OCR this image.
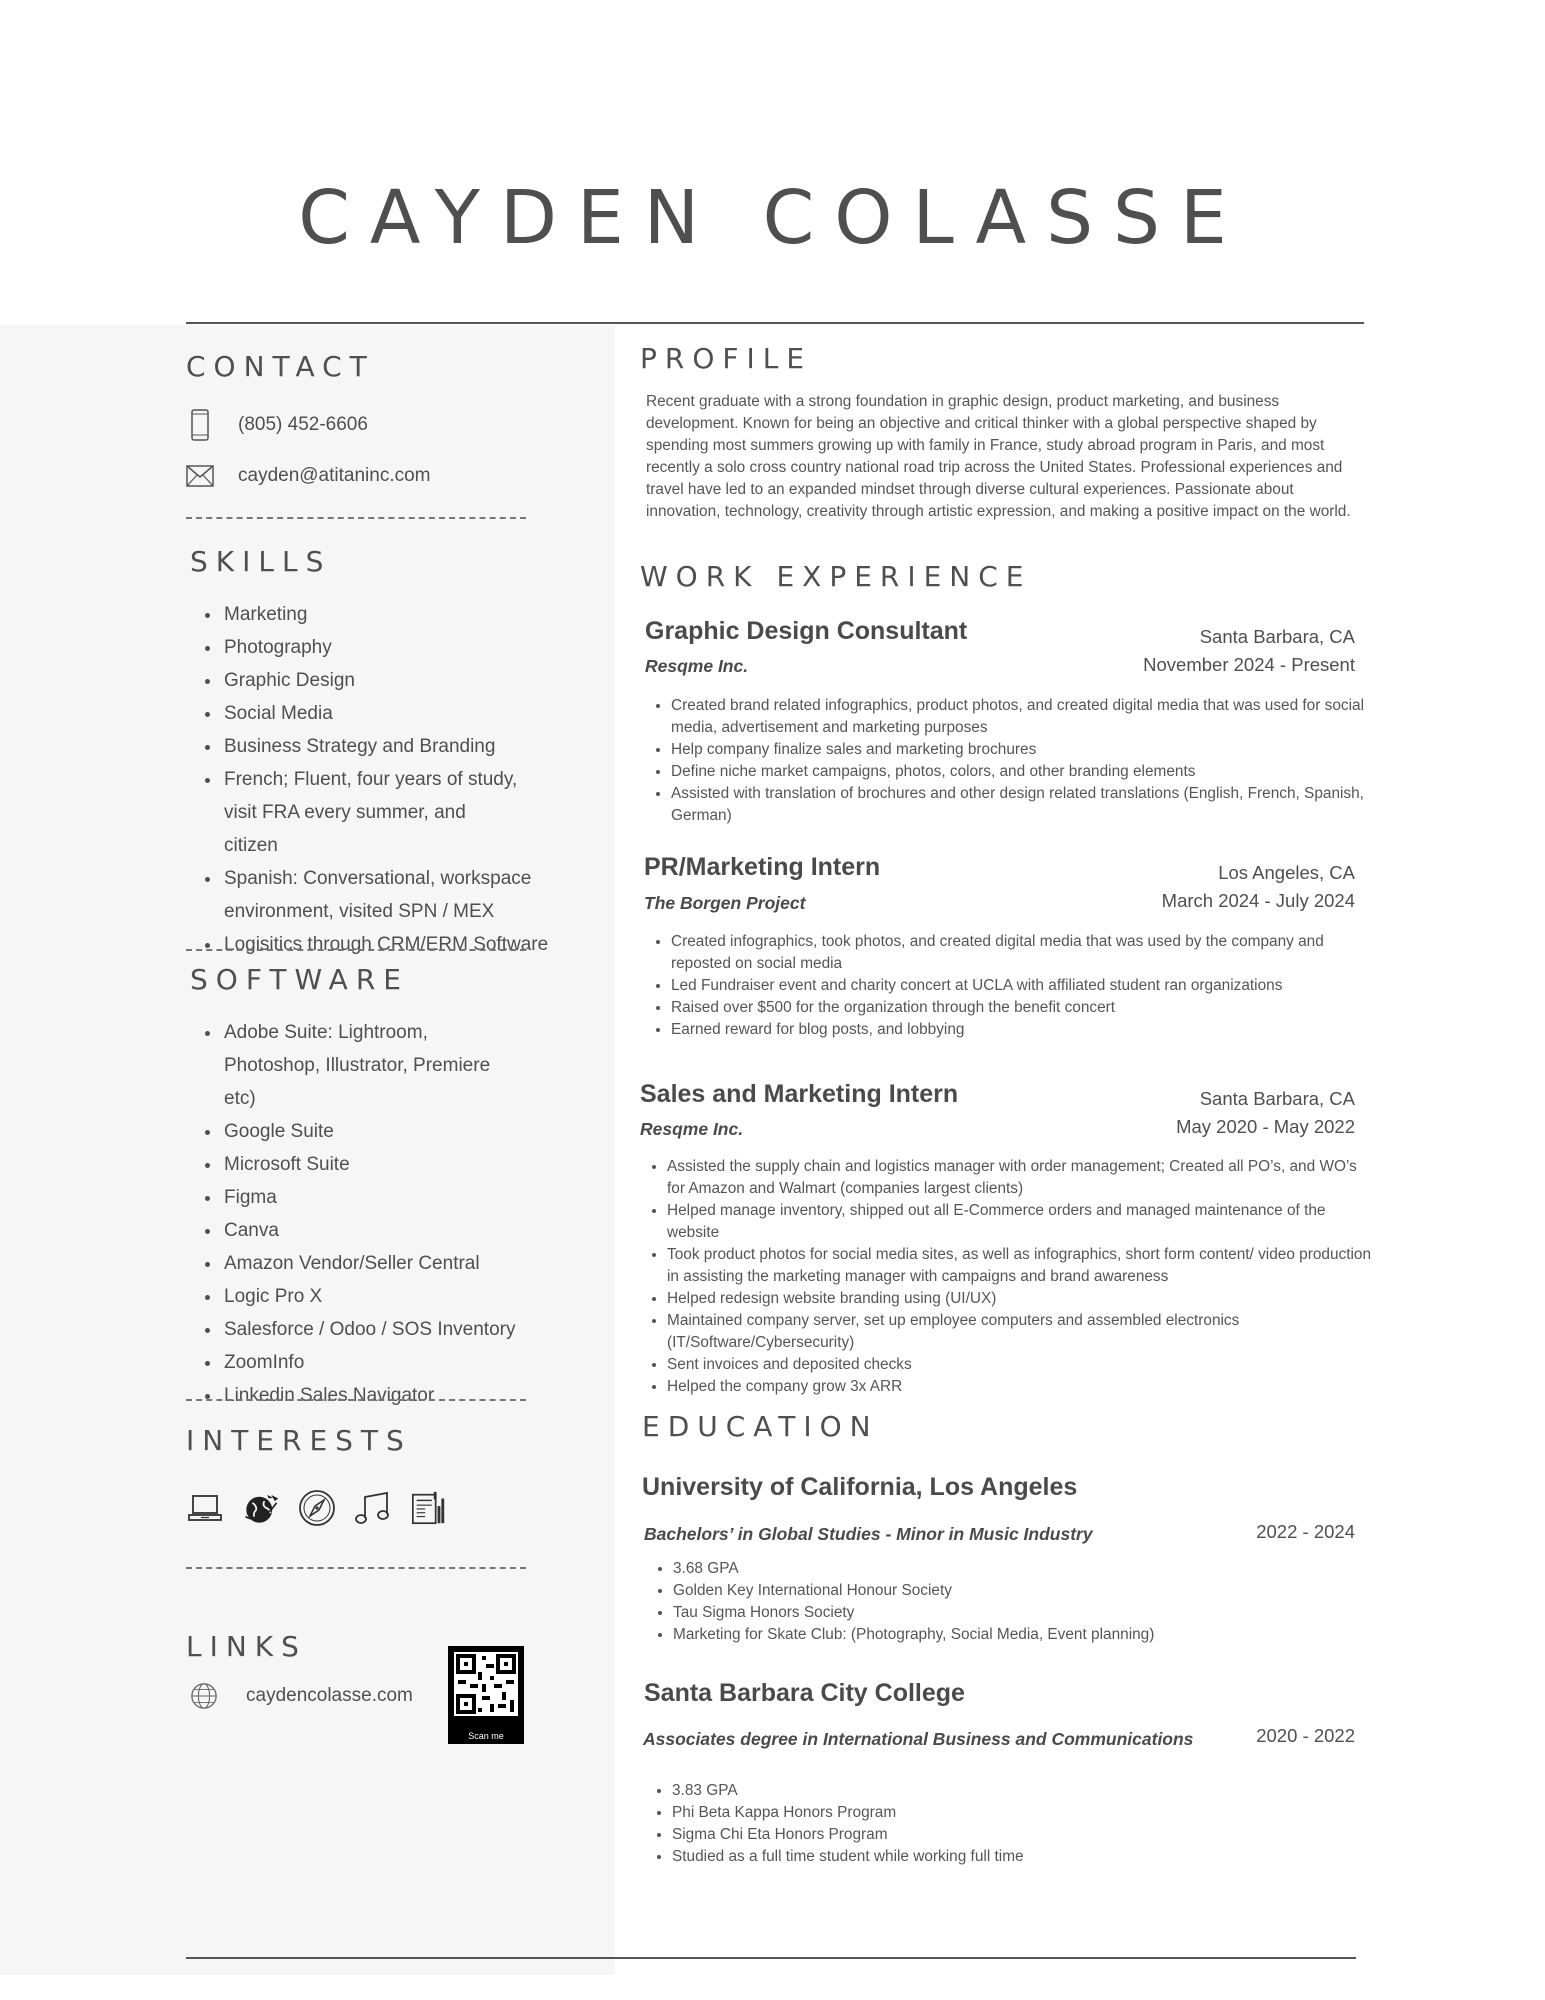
CAYDEN COLASSE
CONTACT
(805) 452-6606
cayden@atitaninc.com
SKILLS
• Marketing
• Photography
• Graphic Design
• Social Media
• Business Strategy and Branding
• French; Fluent, four years of study, visit FRA every summer, and citizen
• Spanish: Conversational, workspace environment, visited SPN / MEX
• Logisitics through CRM/ERM Software
SOFTWARE
• Adobe Suite: Lightroom, Photoshop, Illustrator, Premiere etc)
• Google Suite
• Microsoft Suite
• Figma
• Canva
• Amazon Vendor/Seller Central
• Logic Pro X
• Salesforce / Odoo / SOS Inventory
• ZoomInfo
• Linkedin Sales Navigator
INTERESTS
LINKS
caydencolasse.com
Scan me
PROFILE

Recent graduate with a strong foundation in graphic design, product marketing, and business development. Known for being an objective and critical thinker with a global perspective shaped by spending most summers growing up with family in France, study abroad program in Paris, and most recently a solo cross country national road trip across the United States. Professional experiences and travel have led to an expanded mindset through diverse cultural experiences. Passionate about innovation, technology, creativity through artistic expression, and making a positive impact on the world.

WORK EXPERIENCE
Graphic Design Consultant
Resqme Inc.
Santa Barbara, CA
November 2024 - Present
• Created brand related infographics, product photos, and created digital media that was used for social media, advertisement and marketing purposes
• Help company finalize sales and marketing brochures
• Define niche market campaigns, photos, colors, and other branding elements
• Assisted with translation of brochures and other design related translations (English, French, Spanish, German)
PR/Marketing Intern
The Borgen Project
Los Angeles, CA
March 2024 - July 2024
• Created infographics, took photos, and created digital media that was used by the company and reposted on social media
• Led Fundraiser event and charity concert at UCLA with affiliated student ran organizations
• Raised over $500 for the organization through the benefit concert
• Earned reward for blog posts, and lobbying
Sales and Marketing Intern
Resqme Inc.
Santa Barbara, CA
May 2020 - May 2022
• Assisted the supply chain and logistics manager with order management; Created all PO’s, and WO’s for Amazon and Walmart (companies largest clients)
• Helped manage inventory, shipped out all E-Commerce orders and managed maintenance of the website
• Took product photos for social media sites, as well as infographics, short form content/ video production in assisting the marketing manager with campaigns and brand awareness
• Helped redesign website branding using (UI/UX)
• Maintained company server, set up employee computers and assembled electronics (IT/Software/Cybersecurity)
• Sent invoices and deposited checks
• Helped the company grow 3x ARR
EDUCATION
University of California, Los Angeles
Bachelors’ in Global Studies - Minor in Music Industry	2022 - 2024
• 3.68 GPA
• Golden Key International Honour Society
• Tau Sigma Honors Society
• Marketing for Skate Club: (Photography, Social Media, Event planning)
Santa Barbara City College
Associates degree in International Business and Communications	2020 - 2022
• 3.83 GPA
• Phi Beta Kappa Honors Program
• Sigma Chi Eta Honors Program
• Studied as a full time student while working full time
